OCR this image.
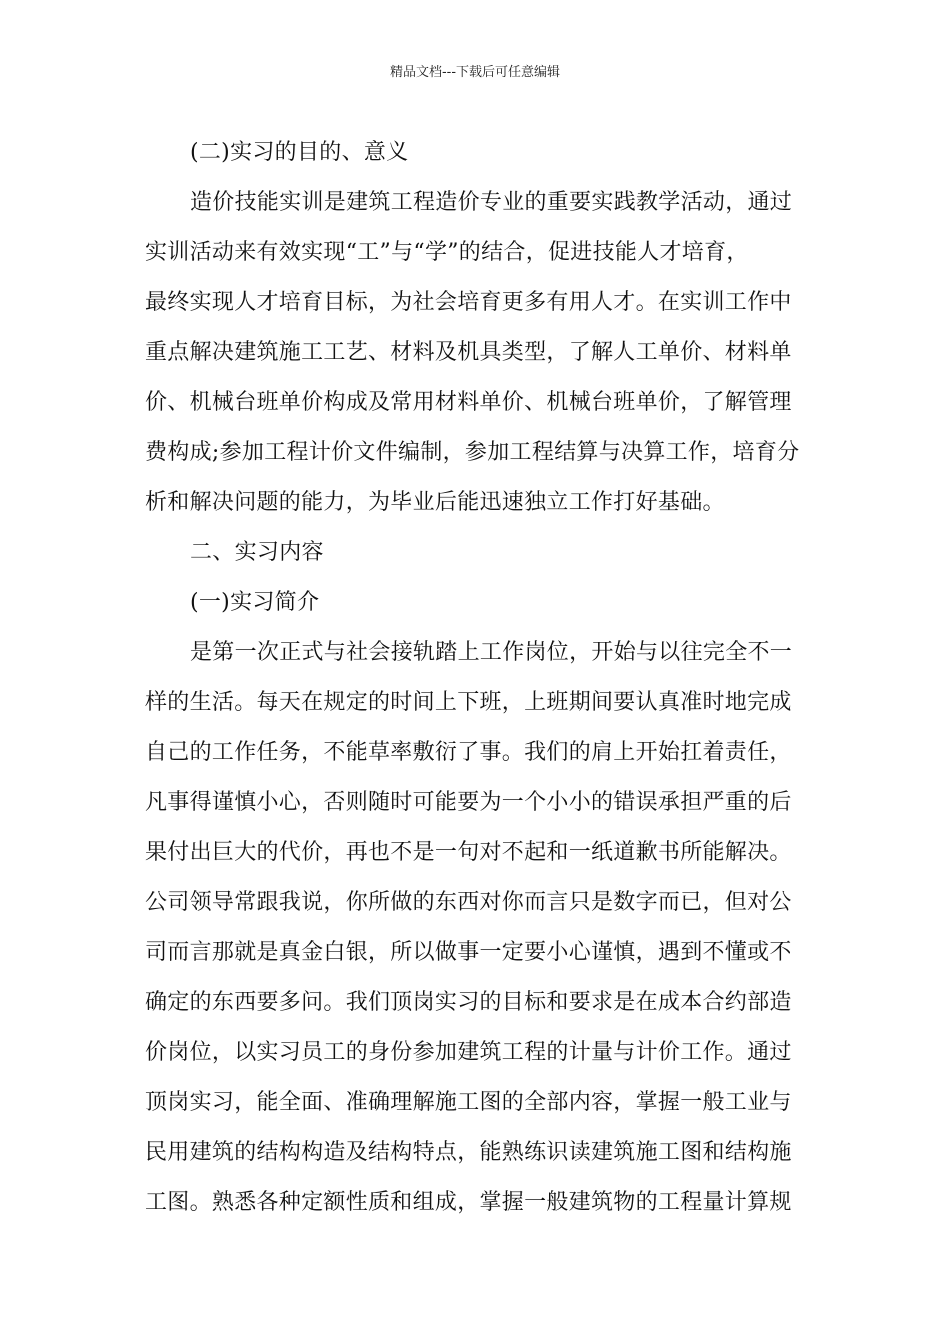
精品文档---下载后可任意编辑
(二)实习的目的、意义
造价技能实训是建筑工程造价专业的重要实践教学活动，通过
实训活动来有效实现“工”与“学”的结合，促进技能人才培育，
最终实现人才培育目标，为社会培育更多有用人才。在实训工作中
重点解决建筑施工工艺、材料及机具类型，了解人工单价、材料单
价、机械台班单价构成及常用材料单价、机械台班单价，了解管理
费构成;参加工程计价文件编制，参加工程结算与决算工作，培育分
析和解决问题的能力，为毕业后能迅速独立工作打好基础。
二、实习内容
(一)实习简介
是第一次正式与社会接轨踏上工作岗位，开始与以往完全不一
样的生活。每天在规定的时间上下班，上班期间要认真准时地完成
自己的工作任务，不能草率敷衍了事。我们的肩上开始扛着责任，
凡事得谨慎小心，否则随时可能要为一个小小的错误承担严重的后
果付出巨大的代价，再也不是一句对不起和一纸道歉书所能解决。
公司领导常跟我说，你所做的东西对你而言只是数字而已，但对公
司而言那就是真金白银，所以做事一定要小心谨慎，遇到不懂或不
确定的东西要多问。我们顶岗实习的目标和要求是在成本合约部造
价岗位，以实习员工的身份参加建筑工程的计量与计价工作。通过
顶岗实习，能全面、准确理解施工图的全部内容，掌握一般工业与
民用建筑的结构构造及结构特点，能熟练识读建筑施工图和结构施
工图。熟悉各种定额性质和组成，掌握一般建筑物的工程量计算规
